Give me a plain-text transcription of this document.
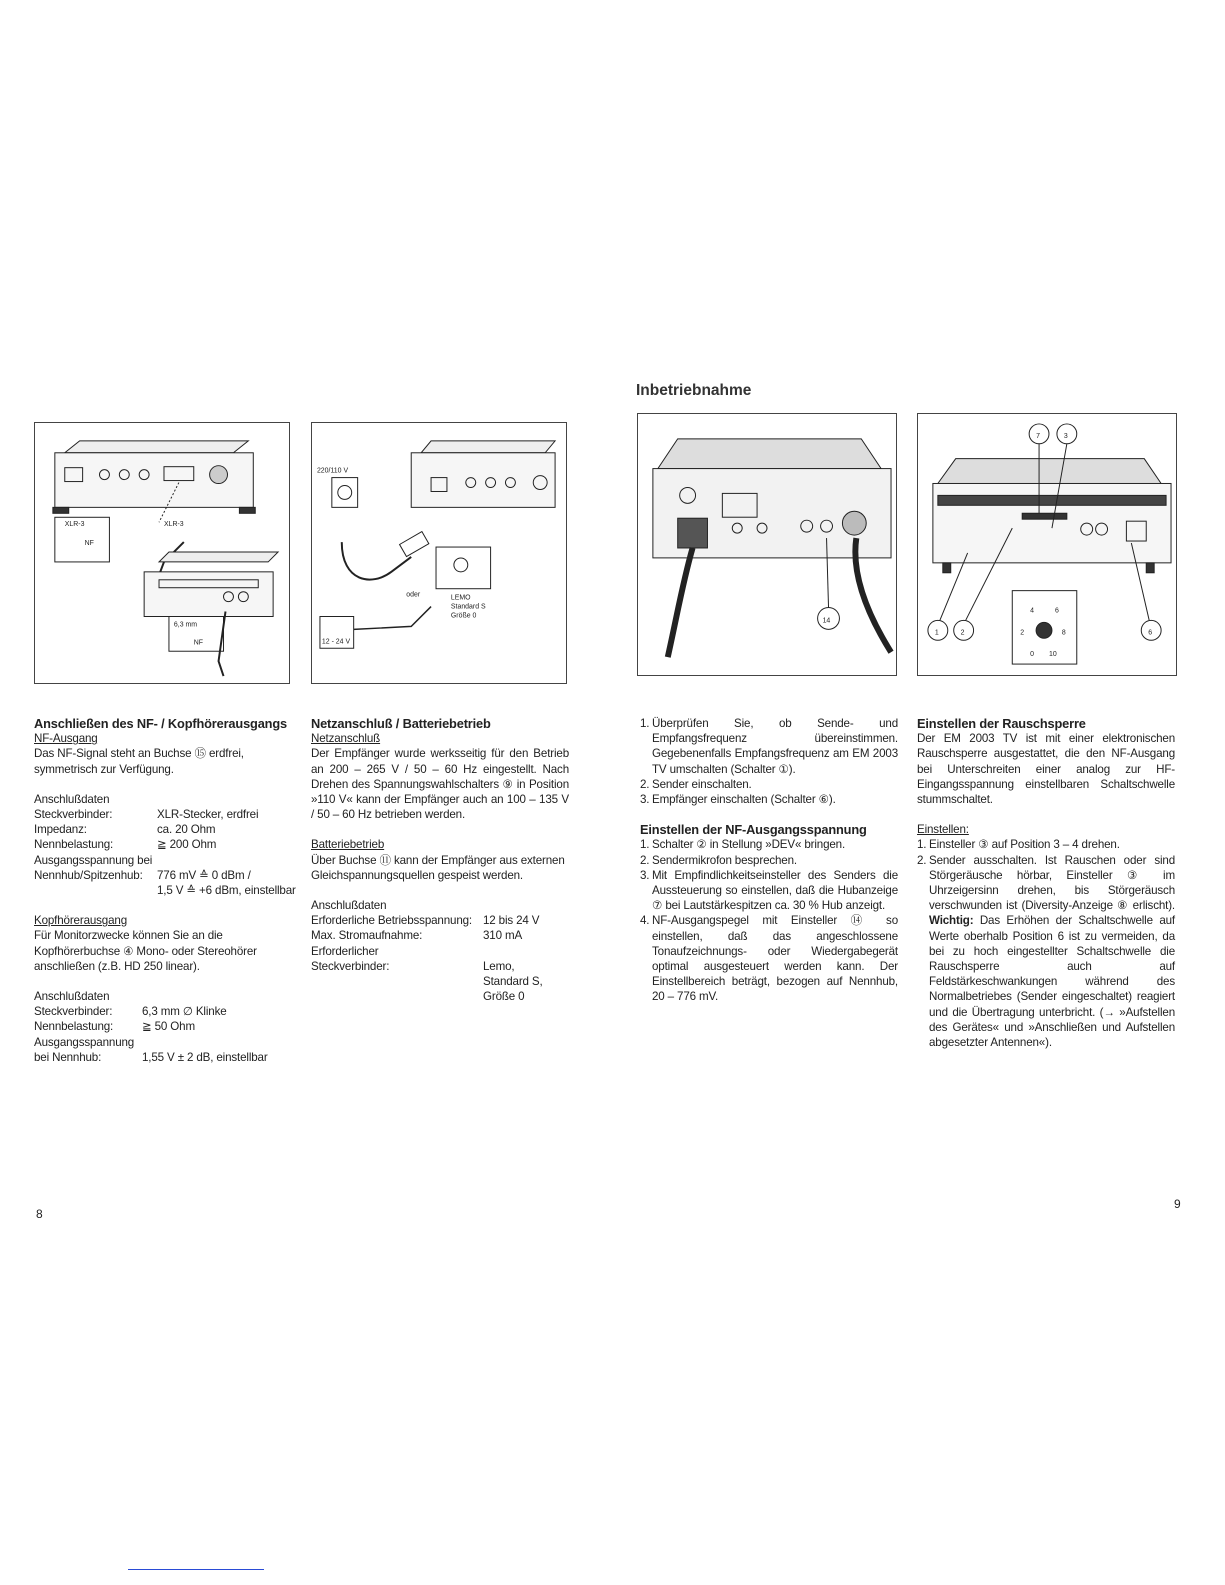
Inbetriebnahme
XLR-3	XLR-3
NF
6,3 mm
NF
220/110 V
oder	LEMO
Standard S
Größe 0
12 - 24 V
14
7	3
1	2	6
4	6
2	8
0 10

Anschließen des NF- / Kopfhörerausgangs

NF-Ausgang

Das NF-Signal steht an Buchse ⑮ erdfrei, symmetrisch zur Verfügung.

Anschlußdaten

Steckverbinder:	XLR-Stecker, erdfrei
Impedanz:	ca. 20 Ohm
Nennbelastung:	≧ 200 Ohm

Ausgangsspannung bei

Nennhub/Spitzenhub:	776 mV ≙ 0 dBm /
1,5 V ≙ +6 dBm, einstellbar

Kopfhörerausgang

Für Monitorzwecke können Sie an die Kopfhörerbuchse ④ Mono- oder Stereohörer anschließen (z.B. HD 250 linear).

Anschlußdaten

Steckverbinder:	6,3 mm ∅ Klinke
Nennbelastung:	≧ 50 Ohm

Ausgangsspannung

bei Nennhub:	1,55 V ± 2 dB, einstellbar

Netzanschluß / Batteriebetrieb

Netzanschluß

Der Empfänger wurde werksseitig für den Betrieb an 200 – 265 V / 50 – 60 Hz eingestellt. Nach Drehen des Spannungswahlschalters ⑨ in Position »110 V« kann der Empfänger auch an 100 – 135 V / 50 – 60 Hz betrieben werden.

Batteriebetrieb

Über Buchse ⑪ kann der Empfänger aus externen Gleichspannungsquellen gespeist werden.

Anschlußdaten

Erforderliche Betriebsspannung: 12 bis 24 V
Max. Stromaufnahme:	310 mA

Erforderlicher

Steckverbinder:	Lemo,
Standard S,
Größe 0
1. Überprüfen Sie, ob Sende- und Empfangsfrequenz übereinstimmen. Gegebenenfalls Empfangsfrequenz am EM 2003 TV umschalten (Schalter ①).
2. Sender einschalten.
3. Empfänger einschalten (Schalter ⑥).

Einstellen der NF-Ausgangsspannung

1. Schalter ② in Stellung »DEV« bringen.
2. Sendermikrofon besprechen.
3. Mit Empfindlichkeitseinsteller des Senders die Aussteuerung so einstellen, daß die Hubanzeige ⑦ bei Lautstärkespitzen ca. 30 % Hub anzeigt.
4. NF-Ausgangspegel mit Einsteller ⑭ so einstellen, daß das angeschlossene Tonaufzeichnungs- oder Wiedergabegerät optimal ausgesteuert werden kann. Der Einstellbereich beträgt, bezogen auf Nennhub, 20 – 776 mV.

Einstellen der Rauschsperre

Der EM 2003 TV ist mit einer elektronischen Rauschsperre ausgestattet, die den NF-Ausgang bei Unterschreiten einer analog zur HF-Eingangsspannung einstellbaren Schaltschwelle stummschaltet.

Einstellen:

1. Einsteller ③ auf Position 3 – 4 drehen.
2. Sender ausschalten. Ist Rauschen oder sind Störgeräusche hörbar, Einsteller ③ im Uhrzeigersinn drehen, bis Störgeräusch verschwunden ist (Diversity-Anzeige ⑧ erlischt). Wichtig: Das Erhöhen der Schaltschwelle auf Werte oberhalb Position 6 ist zu vermeiden, da bei zu hoch eingestellter Schaltschwelle die Rauschsperre auch auf Feldstärkeschwankungen während des Normalbetriebes (Sender eingeschaltet) reagiert und die Übertragung unterbricht. (→ »Aufstellen des Gerätes« und »Anschließen und Aufstellen abgesetzter Antennen«).
8
9
